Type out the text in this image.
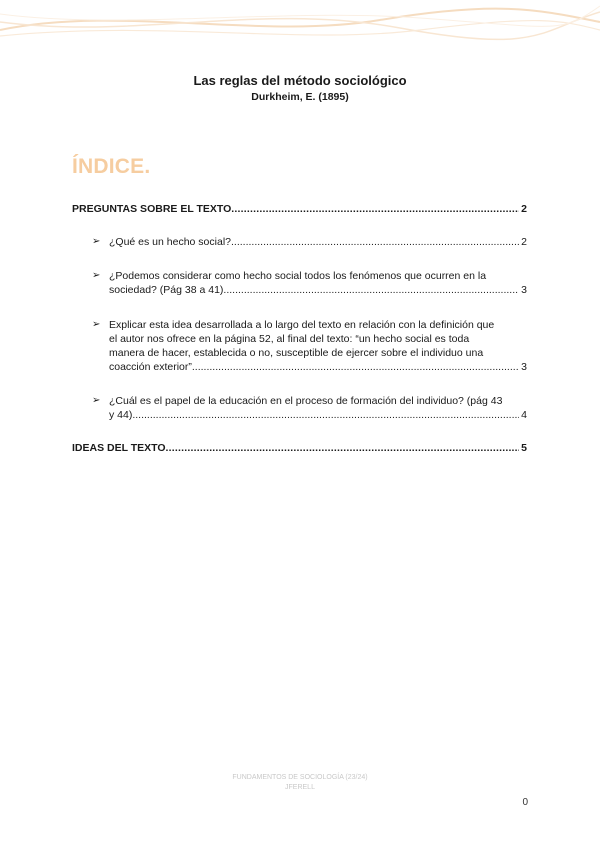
Las reglas del método sociológico
Durkheim, E. (1895)
ÍNDICE.
PREGUNTAS SOBRE EL TEXTO .....	2
➢ ¿Qué es un hecho social? .....	2
➢ ¿Podemos considerar como hecho social todos los fenómenos que ocurren en la
sociedad? (Pág 38 a 41) .....	3
➢ Explicar esta idea desarrollada a lo largo del texto en relación con la definición que
el autor nos ofrece en la página 52, al final del texto: “un hecho social es toda
manera de hacer, establecida o no, susceptible de ejercer sobre el individuo una
coacción exterior” .....	3
➢ ¿Cuál es el papel de la educación en el proceso de formación del individuo? (pág 43
y 44) .....	4
IDEAS DEL TEXTO .....	5
FUNDAMENTOS DE SOCIOLOGÍA (23/24)
JFERELL
0
